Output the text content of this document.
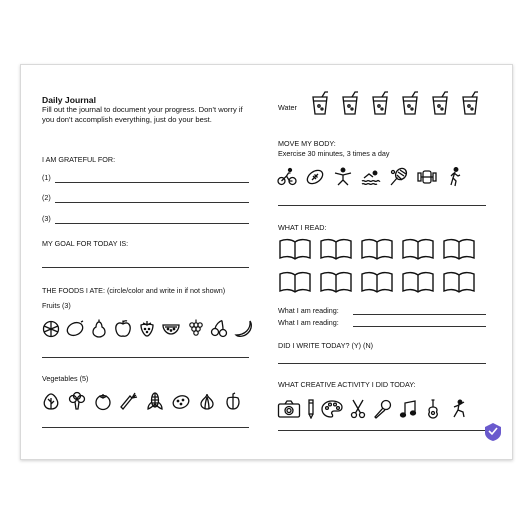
Daily Journal
Fill out the journal to document your progress. Don't worry if you don't accomplish everything, just do your best.
I AM GRATEFUL FOR:
(1)
(2)
(3)
MY GOAL FOR TODAY IS:
THE FOODS I ATE: (circle/color and write in if not shown)
Fruits (3)
Vegetables (5)
Water
MOVE MY BODY:
Exercise 30 minutes, 3 times a day
WHAT I READ:
What I am reading:
What I am reading:
DID I WRITE TODAY? (Y) (N)
WHAT CREATIVE ACTIVITY I DID TODAY:
